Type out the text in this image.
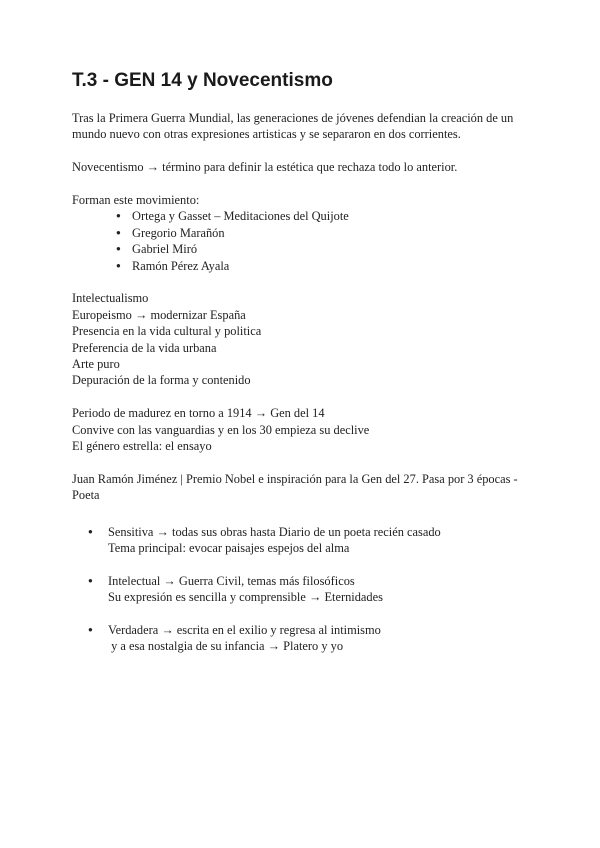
T.3 - GEN 14 y Novecentismo

Tras la Primera Guerra Mundial, las generaciones de jóvenes defendian la creación de un mundo nuevo con otras expresiones artisticas y se separaron en dos corrientes.

Novecentismo → término para definir la estética que rechaza todo lo anterior.

Forman este movimiento:

● Ortega y Gasset – Meditaciones del Quijote
● Gregorio Marañón
● Gabriel Miró
● Ramón Pérez Ayala

Intelectualismo

Europeismo → modernizar España

Presencia en la vida cultural y politica

Preferencia de la vida urbana

Arte puro

Depuración de la forma y contenido

Periodo de madurez en torno a 1914 → Gen del 14

Convive con las vanguardias y en los 30 empieza su declive

El género estrella: el ensayo

Juan Ramón Jiménez | Premio Nobel e inspiración para la Gen del 27. Pasa por 3 épocas - Poeta

● Sensitiva → todas sus obras hasta Diario de un poeta recién casado
Tema principal: evocar paisajes espejos del alma
● Intelectual → Guerra Civil, temas más filosóficos
Su expresión es sencilla y comprensible → Eternidades
● Verdadera → escrita en el exilio y regresa al intimismo
y a esa nostalgia de su infancia → Platero y yo
